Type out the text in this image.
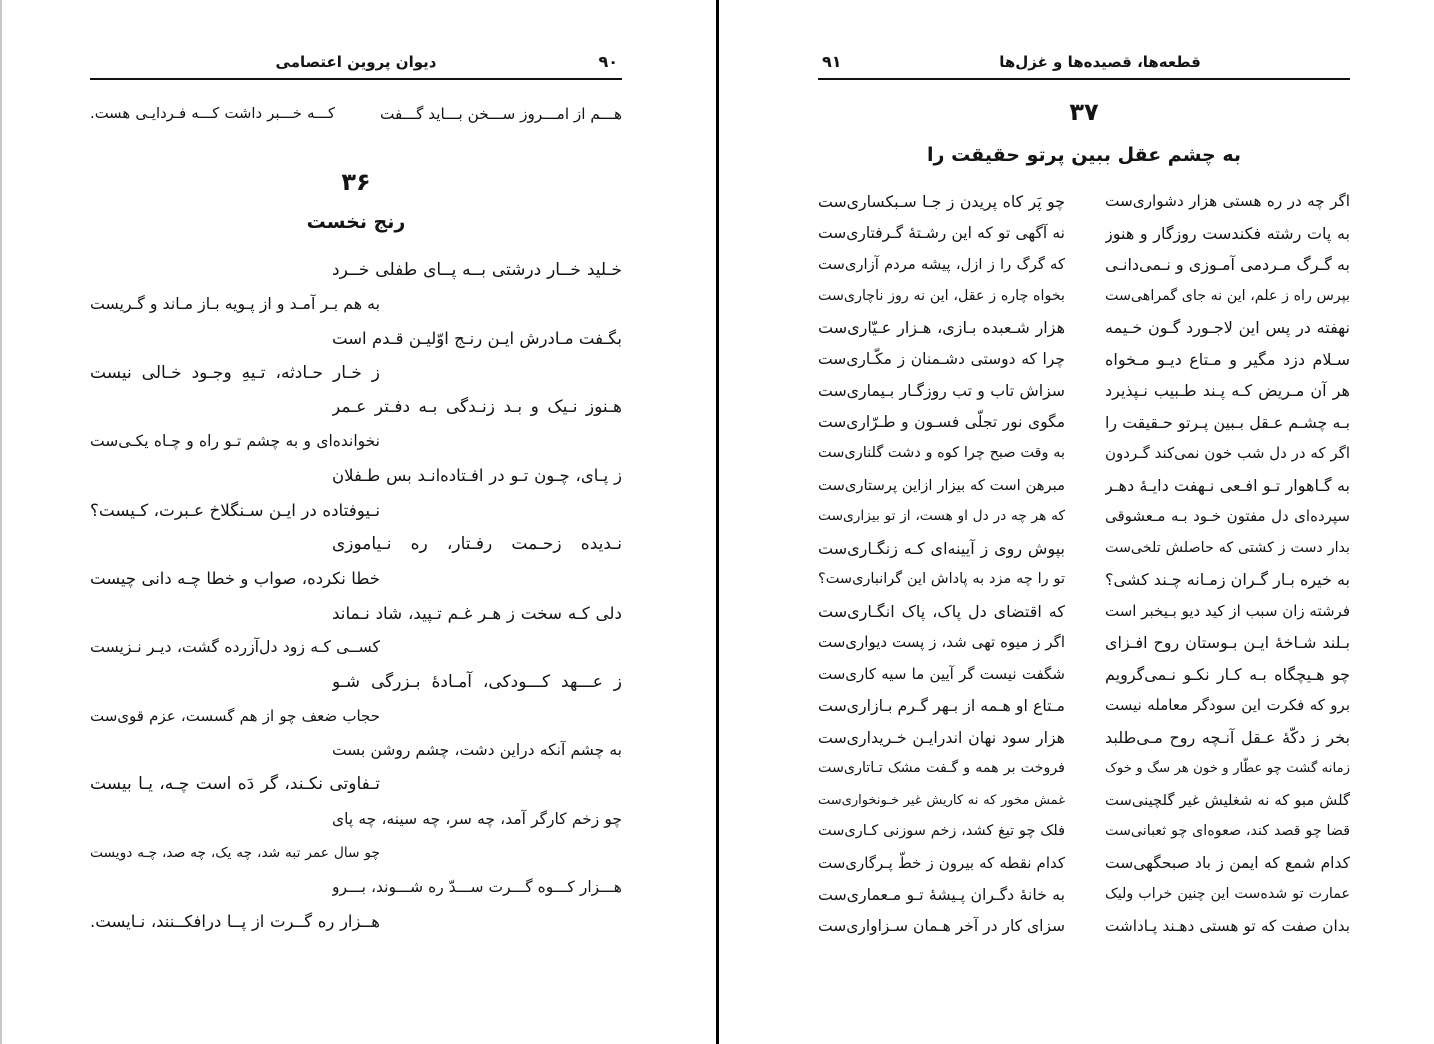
۹۰
دیوان پروین اعتصامی
هـــم از امـــروز ســـخن بـــاید گـــفت
کـــه خـــبر داشت کـــه فـردایـی هست.
۳۶
رنج نخست
خـلید خــار درشتی بــه پــای طفلی خــرد
به هم بـر آمـد و از پـویه بـاز مـاند و گـریست
بگـفت مـادرش ایـن رنـج اوّلیـن قـدم است
ز خـار حـادثه، تـیهِ وجـود خـالی نیست
هـنوز نـیک و بـد زنـدگی بـه دفـتر عـمر
نخوانده‌ای و به چشم تـو راه و چـاه یکـی‌ست
ز پـای، چـون تـو در افـتاده‌انـد بس طـفلان
نـیوفتاده در ایـن سـنگلاخ عـبرت، کـیست؟
نـدیده زحـمت رفـتار، ره نـیاموزی
خطا نکرده، صواب و خطا چـه دانی چیست
دلی کـه سخت ز هـر غـم تـپید، شاد نـماند
کســی کـه زود دل‌آزرده گشت، دیـر نـزیست
ز عـــهد کـــودکی، آمـادهٔ بـزرگی شـو
حجاب ضعف چو از هم گسست، عزم قوی‌ست
به چشم آنکه دراین دشت، چشم روشن بست
تـفاوتی نکـند، گر دَه است چـه، یـا بیست
چو زخم کارگر آمد، چه سر، چه سینه، چه پای
چو سال عمر تبه شد، چه یک، چه صد، چـه دویست
هـــزار کـــوه گـــرت ســـدّ ره شـــوند، بـــرو
هــزار ره گــرت از پــا درافکــنند، نـایست.
قطعه‌ها، قصیده‌ها و غزل‌ها
۹۱
۳۷
به چشم عقل ببین پرتو حقیقت را
اگر چه در ره هستی هزار دشواری‌ست
چو پَر کاه پریدن ز جـا سـبکساری‌ست
به پات رشته فکندست روزگار و هنوز
نه آگهی تو که این رشـتهٔ گـرفتاری‌ست
به گـرگ مـردمی آمـوزی و نـمی‌دانـی
که گرگ را ز ازل، پیشه مردم آزاری‌ست
بپرس راه ز علم، این نه جای گمراهی‌ست
بخواه چاره ز عقل، این نه روز ناچاری‌ست
نهفته در پس این لاجـورد گـون خـیمه
هزار شـعبده بـازی، هـزار عـیّاری‌ست
سـلام دزد مگیر و مـتاع دیـو مـخواه
چرا که دوستی دشـمنان ز مکّـاری‌ست
هر آن مـریض کـه پـند طـبیب نـپذیرد
سزاش تاب و تب روزگـار بـیماری‌ست
بـه چشـم عـقل بـبین پـرتو حـقیقت را
مگوی نور تجلّی فسـون و طـرّاری‌ست
اگر که در دل شب خون نمی‌کند گـردون
به وقت صبح چرا کوه و دشت گلناری‌ست
به گـاهوار تـو افـعی نـهفت دایـهٔ دهـر
مبرهن است که بیزار ازاین پرستاری‌ست
سپرده‌ای دل مفتون خـود بـه مـعشوقی
که هر چه در دل او هست، از تو بیزاری‌ست
بدار دست ز کشتی که حاصلش تلخی‌ست
بپوش روی ز آیینه‌ای کـه زنگـاری‌ست
به خیره بـار گـران زمـانه چـند کشی؟
تو را چه مزد به پاداش این گرانباری‌ست؟
فرشته زان سبب از کید دیو بـیخبر است
که اقتضای دل پاک، پاک انگـاری‌ست
بـلند شـاخهٔ ایـن بـوستان روح افـزای
اگر ز میوه تهی شد، ز پست دیواری‌ست
چو هـیچگاه بـه کـار نکـو نـمی‌گرویم
شگفت نیست گر آیین ما سیه کاری‌ست
برو که فکرت این سودگر معامله نیست
مـتاع او هـمه از بـهر گـرم بـازاری‌ست
بخر ز دکّهٔ عـقل آنـچه روح مـی‌طلبد
هزار سود نهان اندرایـن خـریداری‌ست
زمانه گشت چو عطّار و خون هر سگ و خوک
فروخت بر همه و گـفت مشک تـاتاری‌ست
گلش مبو که نه شغلیش غیر گلچینی‌ست
غمش مخور که نه کاریش غیر خـونخواری‌ست
قضا چو قصد کند، صعوه‌ای چو ثعبانی‌ست
فلک چو تیغ کشد، زخم سوزنی کـاری‌ست
کدام شمع که ایمن ز باد صبحگهی‌ست
کدام نقطه که بیرون ز خطّ پـرگاری‌ست
عمارت تو شده‌ست این چنین خراب ولیک
به خانهٔ دگـران پـیشهٔ تـو مـعماری‌ست
بدان صفت که تو هستی دهـند پـاداشت
سزای کار در آخر هـمان سـزاواری‌ست
